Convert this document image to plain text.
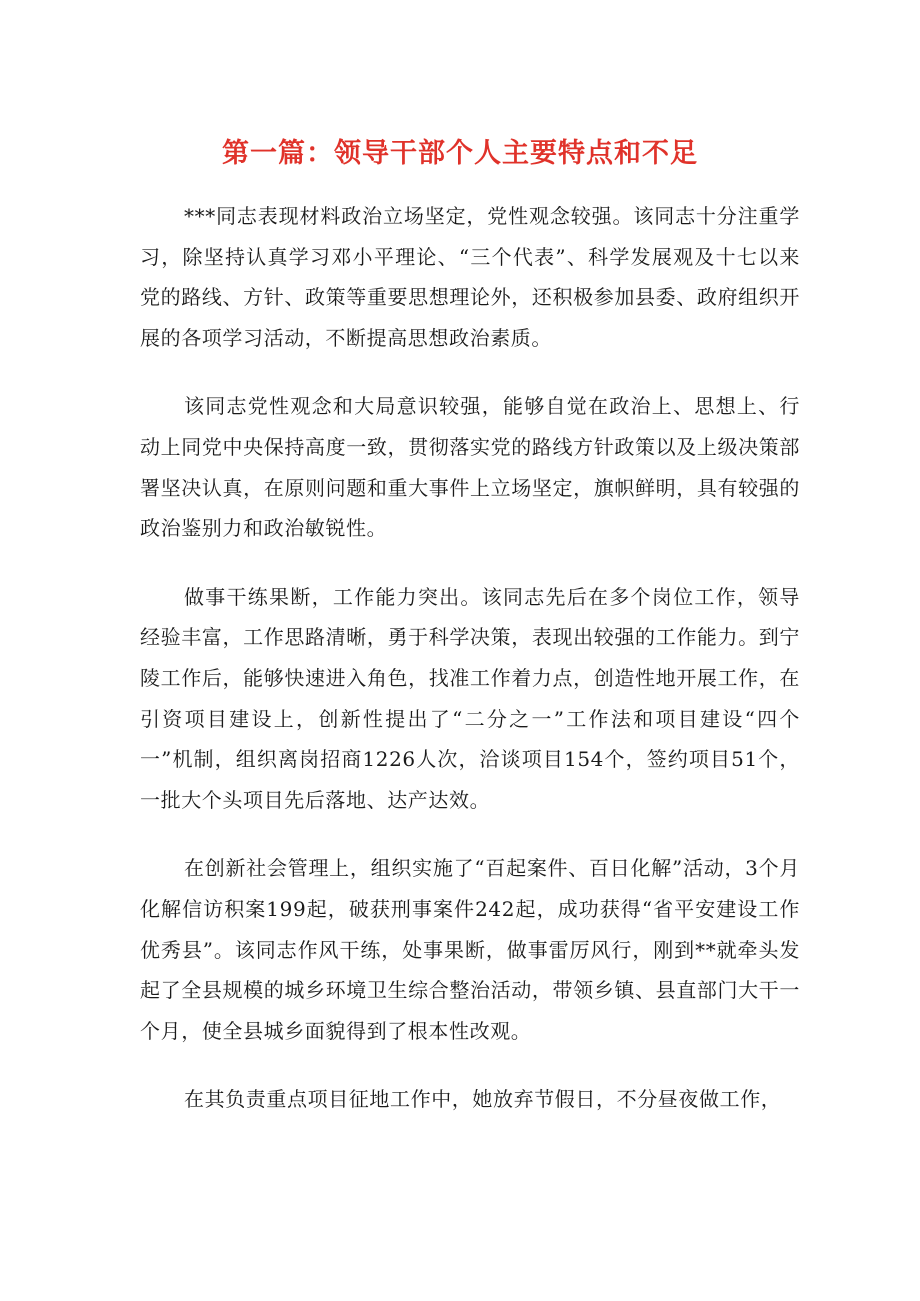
第一篇：领导干部个人主要特点和不足

***同志表现材料政治立场坚定，党性观念较强。该同志十分注重学习，除坚持认真学习邓小平理论、“三个代表”、科学发展观及十七以来党的路线、方针、政策等重要思想理论外，还积极参加县委、政府组织开展的各项学习活动，不断提高思想政治素质。

该同志党性观念和大局意识较强，能够自觉在政治上、思想上、行动上同党中央保持高度一致，贯彻落实党的路线方针政策以及上级决策部署坚决认真，在原则问题和重大事件上立场坚定，旗帜鲜明，具有较强的政治鉴别力和政治敏锐性。

做事干练果断，工作能力突出。该同志先后在多个岗位工作，领导经验丰富，工作思路清晰，勇于科学决策，表现出较强的工作能力。到宁陵工作后，能够快速进入角色，找准工作着力点，创造性地开展工作，在引资项目建设上，创新性提出了“二分之一”工作法和项目建设“四个一”机制，组织离岗招商1226人次，洽谈项目154个，签约项目51个，一批大个头项目先后落地、达产达效。

在创新社会管理上，组织实施了“百起案件、百日化解”活动，3个月化解信访积案199起，破获刑事案件242起，成功获得“省平安建设工作优秀县”。该同志作风干练，处事果断，做事雷厉风行，刚到**就牵头发起了全县规模的城乡环境卫生综合整治活动，带领乡镇、县直部门大干一个月，使全县城乡面貌得到了根本性改观。

在其负责重点项目征地工作中，她放弃节假日，不分昼夜做工作，
